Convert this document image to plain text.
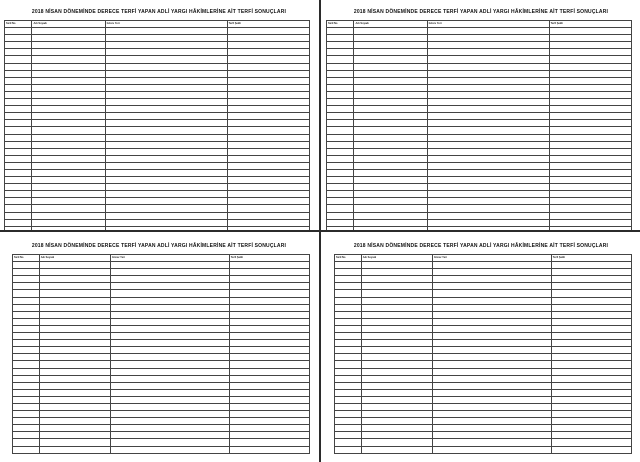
2018 NİSAN DÖNEMİNDE DERECE TERFİ YAPAN ADLİ YARGI HÂKİMLERİNE AİT TERFİ SONUÇLARI
Sicil No	Adı Soyadı	Görev Yeri	Terfi Şekli

2018 NİSAN DÖNEMİNDE DERECE TERFİ YAPAN ADLİ YARGI HÂKİMLERİNE AİT TERFİ SONUÇLARI
Sicil No	Adı Soyadı	Görev Yeri	Terfi Şekli

2018 NİSAN DÖNEMİNDE DERECE TERFİ YAPAN ADLİ YARGI HÂKİMLERİNE AİT TERFİ SONUÇLARI
Sicil No	Adı Soyadı	Görev Yeri	Terfi Şekli

2018 NİSAN DÖNEMİNDE DERECE TERFİ YAPAN ADLİ YARGI HÂKİMLERİNE AİT TERFİ SONUÇLARI
Sicil No	Adı Soyadı	Görev Yeri	Terfi Şekli
